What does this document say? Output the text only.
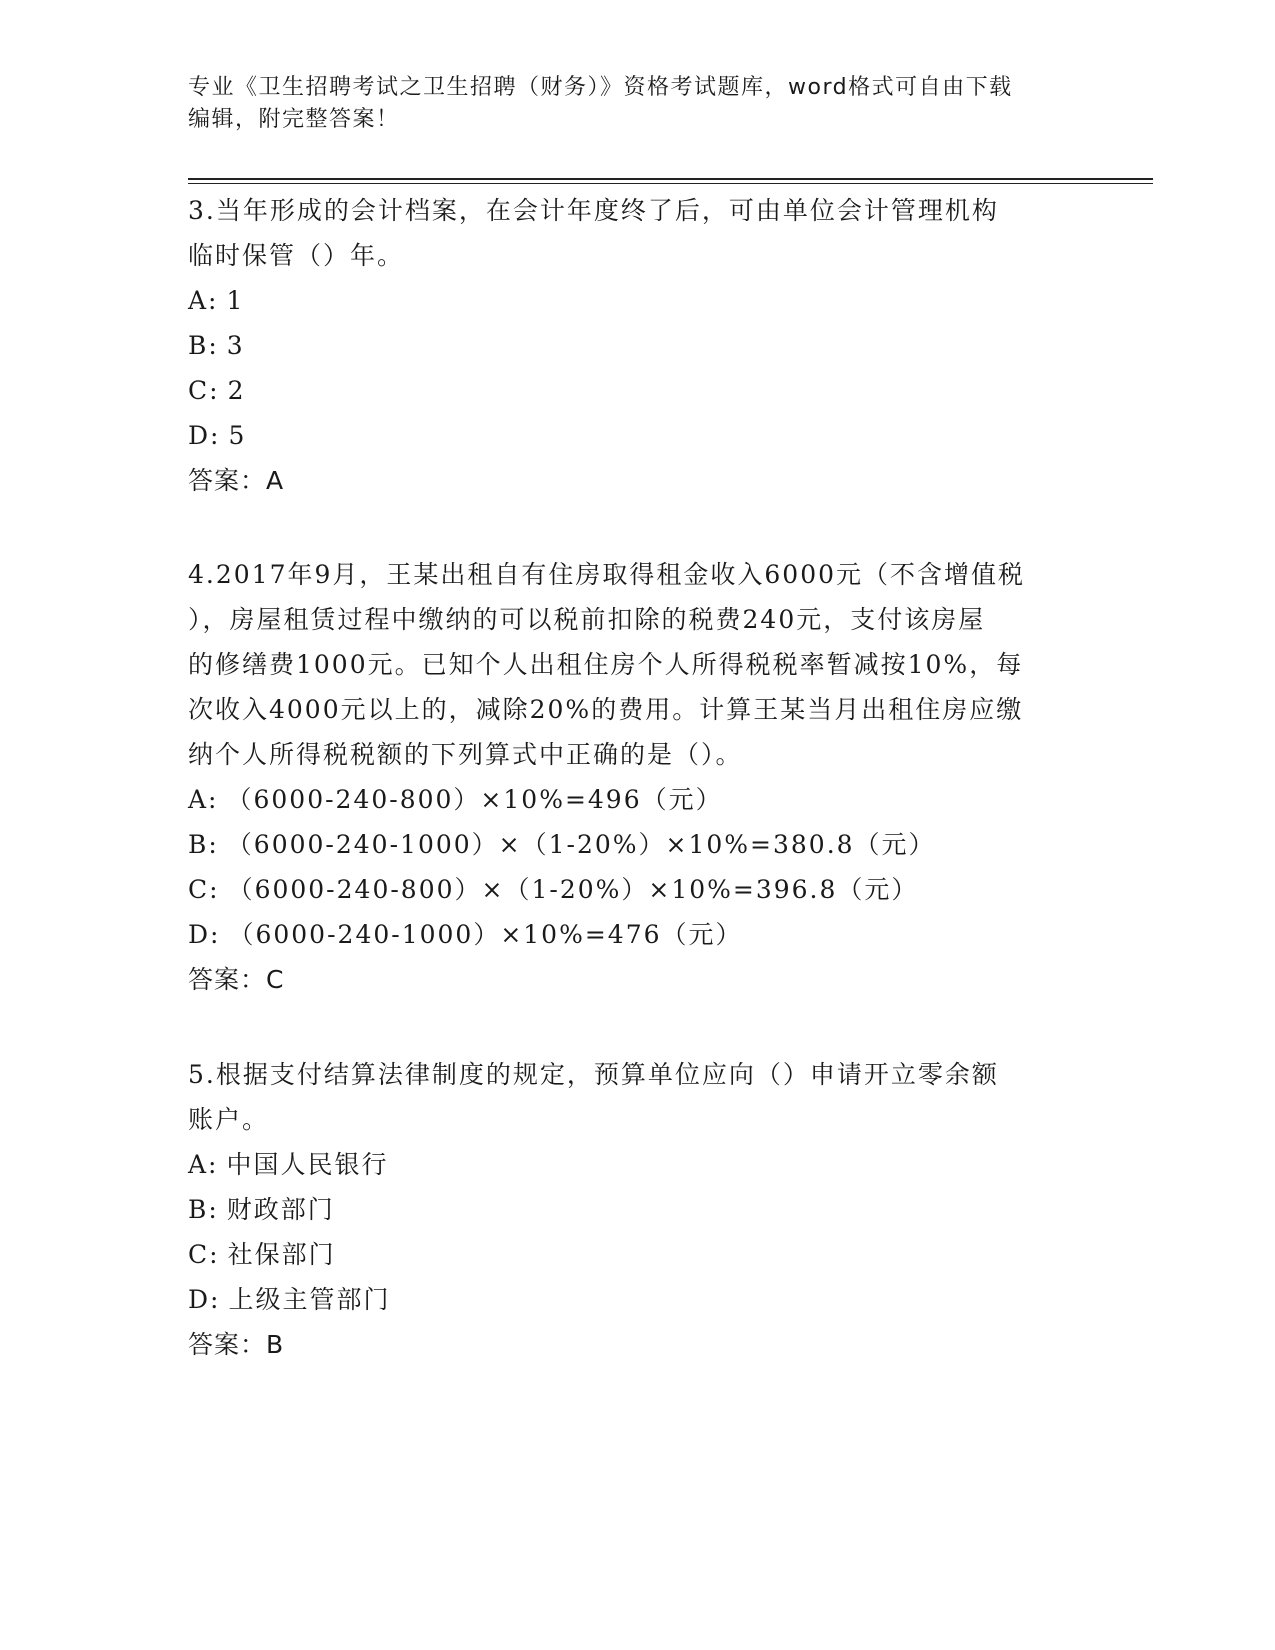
专业《卫生招聘考试之卫生招聘（财务）》资格考试题库，word格式可自由下载

编辑，附完整答案！

3.当年形成的会计档案，在会计年度终了后，可由单位会计管理机构

临时保管（）年。

A: 1

B: 3

C: 2

D: 5

答案：A

4.2017年9月，王某出租自有住房取得租金收入6000元（不含增值税

），房屋租赁过程中缴纳的可以税前扣除的税费240元，支付该房屋

的修缮费1000元。已知个人出租住房个人所得税税率暂减按10%，每

次收入4000元以上的，减除20%的费用。计算王某当月出租住房应缴

纳个人所得税税额的下列算式中正确的是（）。

A: （6000-240-800）×10%=496（元）

B: （6000-240-1000）×（1-20%）×10%=380.8（元）

C: （6000-240-800）×（1-20%）×10%=396.8（元）

D: （6000-240-1000）×10%=476（元）

答案：C

5.根据支付结算法律制度的规定，预算单位应向（）申请开立零余额

账户。

A: 中国人民银行

B: 财政部门

C: 社保部门

D: 上级主管部门

答案：B
